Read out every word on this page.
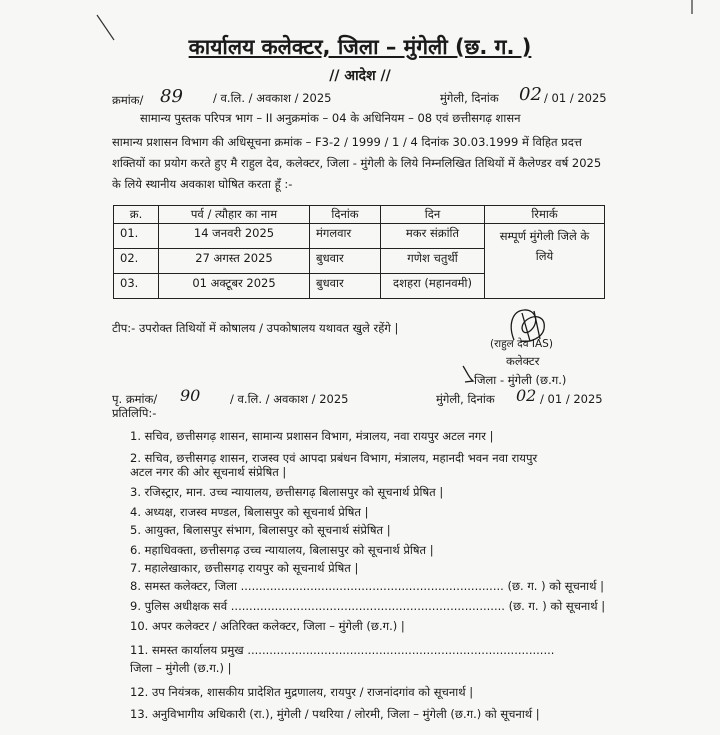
कार्यालय कलेक्टर, जिला – मुंगेली (छ. ग. )
// आदेश //
क्रमांक/ 89	/ व.लि. / अवकाश / 2025	मुंगेली, दिनांक 02 / 01 / 2025
सामान्य पुस्तक परिपत्र भाग – II अनुक्रमांक – 04 के अधिनियम – 08 एवं छत्तीसगढ़ शासन
सामान्य प्रशासन विभाग की अधिसूचना क्रमांक – F3-2 / 1999 / 1 / 4 दिनांक 30.03.1999 में विहित प्रदत्त शक्तियों का प्रयोग करते हुए मै राहुल देव, कलेक्टर, जिला - मुंगेली के लिये निम्नलिखित तिथियों में कैलेण्डर वर्ष 2025 के लिये स्थानीय अवकाश घोषित करता हूँ :-
क्र.	पर्व / त्यौहार का नाम	दिनांक	दिन	रिमार्क
01.	14 जनवरी 2025	मंगलवार	मकर संक्रांति	सम्पूर्ण मुंगेली जिले के लिये
02.	27 अगस्त 2025	बुधवार	गणेश चतुर्थी	
03.	01 अक्टूबर 2025	बुधवार	दशहरा (महानवमी)	
टीप:- उपरोक्त तिथियों में कोषालय / उपकोषालय यथावत खुले रहेंगे |
(राहुल देव IAS)
कलेक्टर
जिला - मुंगेली (छ.ग.)
पृ. क्रमांक/ 90	/ व.लि. / अवकाश / 2025	मुंगेली, दिनांक 02 / 01 / 2025
प्रतिलिपि:-
1. सचिव, छत्तीसगढ़ शासन, सामान्य प्रशासन विभाग, मंत्रालय, नवा रायपुर अटल नगर |
2. सचिव, छत्तीसगढ़ शासन, राजस्व एवं आपदा प्रबंधन विभाग, मंत्रालय, महानदी भवन नवा रायपुर
अटल नगर की ओर सूचनार्थ संप्रेषित |
3. रजिस्ट्रार, मान. उच्च न्यायालय, छत्तीसगढ़ बिलासपुर को सूचनार्थ प्रेषित |
4. अध्यक्ष, राजस्व मण्डल, बिलासपुर को सूचनार्थ प्रेषित |
5. आयुक्त, बिलासपुर संभाग, बिलासपुर को सूचनार्थ संप्रेषित |
6. महाधिवक्ता, छत्तीसगढ़ उच्च न्यायालय, बिलासपुर को सूचनार्थ प्रेषित |
7. महालेखाकार, छत्तीसगढ़ रायपुर को सूचनार्थ प्रेषित |
8. समस्त कलेक्टर, जिला ........................................................................ (छ. ग. ) को सूचनार्थ |
9. पुलिस अधीक्षक सर्व ........................................................................... (छ. ग. ) को सूचनार्थ |
10. अपर कलेक्टर / अतिरिक्त कलेक्टर, जिला – मुंगेली (छ.ग.) |
11. समस्त कार्यालय प्रमुख ....................................................................................
जिला – मुंगेली (छ.ग.) |
12. उप नियंत्रक, शासकीय प्रादेशित मुद्रणालय, रायपुर / राजनांदगांव को सूचनार्थ |
13. अनुविभागीय अधिकारी (रा.), मुंगेली / पथरिया / लोरमी, जिला – मुंगेली (छ.ग.) को सूचनार्थ |
